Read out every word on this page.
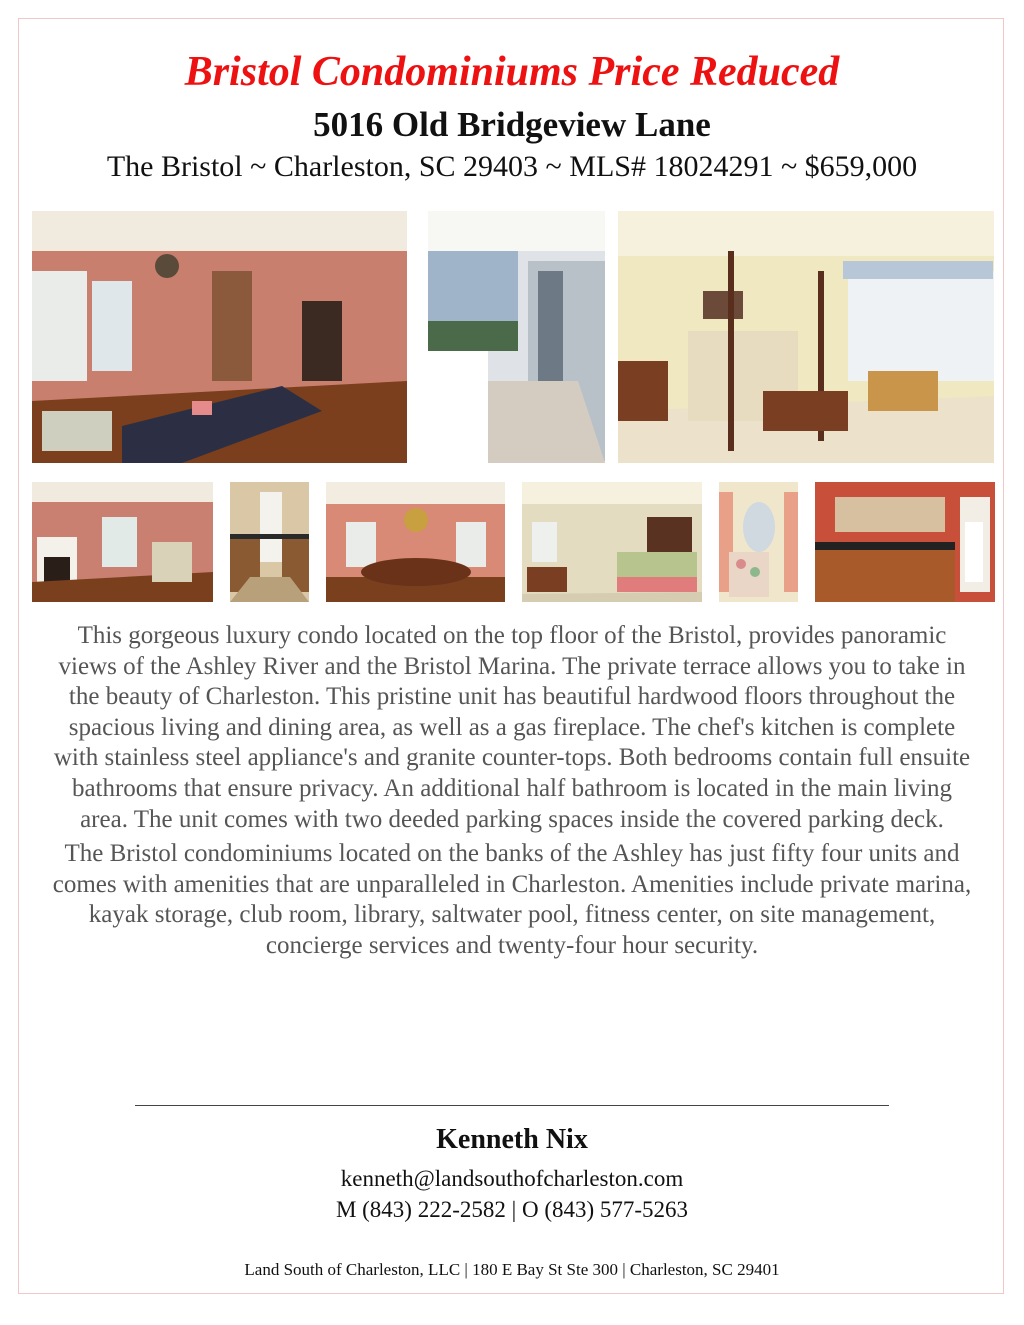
Bristol Condominiums Price Reduced
5016 Old Bridgeview Lane
The Bristol ~ Charleston, SC 29403 ~ MLS# 18024291 ~ $659,000

This gorgeous luxury condo located on the top floor of the Bristol, provides panoramic views of the Ashley River and the Bristol Marina. The private terrace allows you to take in the beauty of Charleston. This pristine unit has beautiful hardwood floors throughout the spacious living and dining area, as well as a gas fireplace. The chef's kitchen is complete with stainless steel appliance's and granite counter-tops. Both bedrooms contain full ensuite bathrooms that ensure privacy. An additional half bathroom is located in the main living area. The unit comes with two deeded parking spaces inside the covered parking deck.

The Bristol condominiums located on the banks of the Ashley has just fifty four units and comes with amenities that are unparalleled in Charleston. Amenities include private marina, kayak storage, club room, library, saltwater pool, fitness center, on site management, concierge services and twenty-four hour security.

Kenneth Nix
kenneth@landsouthofcharleston.com
M (843) 222-2582 | O (843) 577-5263
Land South of Charleston, LLC | 180 E Bay St Ste 300 | Charleston, SC 29401
